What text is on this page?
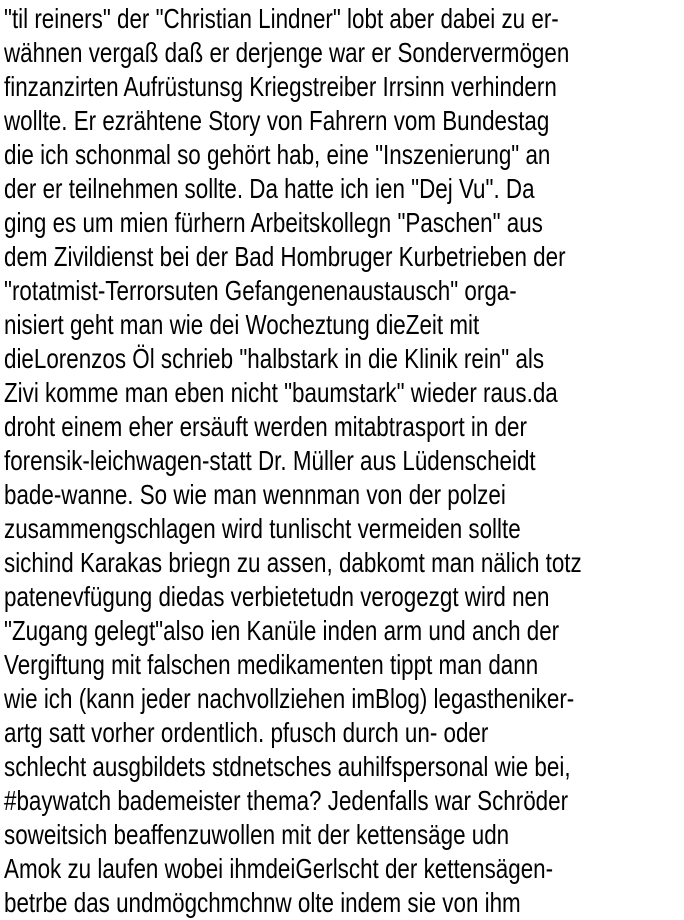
"til reiners" der "Christian Lindner" lobt aber dabei zu er-
wähnen vergaß daß er derjenge war er Sondervermögen
finzanzirten Aufrüstunsg Kriegstreiber Irrsinn verhindern
wollte. Er ezrähtene Story von Fahrern vom Bundestag
die ich schonmal so gehört hab, eine "Inszenierung" an
der er teilnehmen sollte. Da hatte ich ien "Dej Vu". Da
ging es um mien fürhern Arbeitskollegn "Paschen" aus
dem Zivildienst bei der Bad Hombruger Kurbetrieben der
"rotatmist-Terrorsuten Gefangenenaustausch" orga-
nisiert geht man wie dei Wocheztung dieZeit mit
dieLorenzos Öl schrieb "halbstark in die Klinik rein" als
Zivi komme man eben nicht "baumstark" wieder raus.da
droht einem eher ersäuft werden mitabtrasport in der
forensik-leichwagen-statt Dr. Müller aus Lüdenscheidt
bade-wanne. So wie man wennman von der polzei
zusammengschlagen wird tunlischt vermeiden sollte
sichind Karakas briegn zu assen, dabkomt man nälich totz
patenevfügung diedas verbietetudn verogezgt wird nen
"Zugang gelegt"also ien Kanüle inden arm und anch der
Vergiftung mit falschen medikamenten tippt man dann
wie ich (kann jeder nachvollziehen imBlog) legastheniker-
artg satt vorher ordentlich. pfusch durch un- oder
schlecht ausgbildets stdnetsches auhilfspersonal wie bei,
#baywatch bademeister thema? Jedenfalls war Schröder
soweitsich beaffenzuwollen mit der kettensäge udn
Amok zu laufen wobei ihmdeiGerlscht der kettensägen-
betrbe das undmögchmchnw olte indem sie von ihm
